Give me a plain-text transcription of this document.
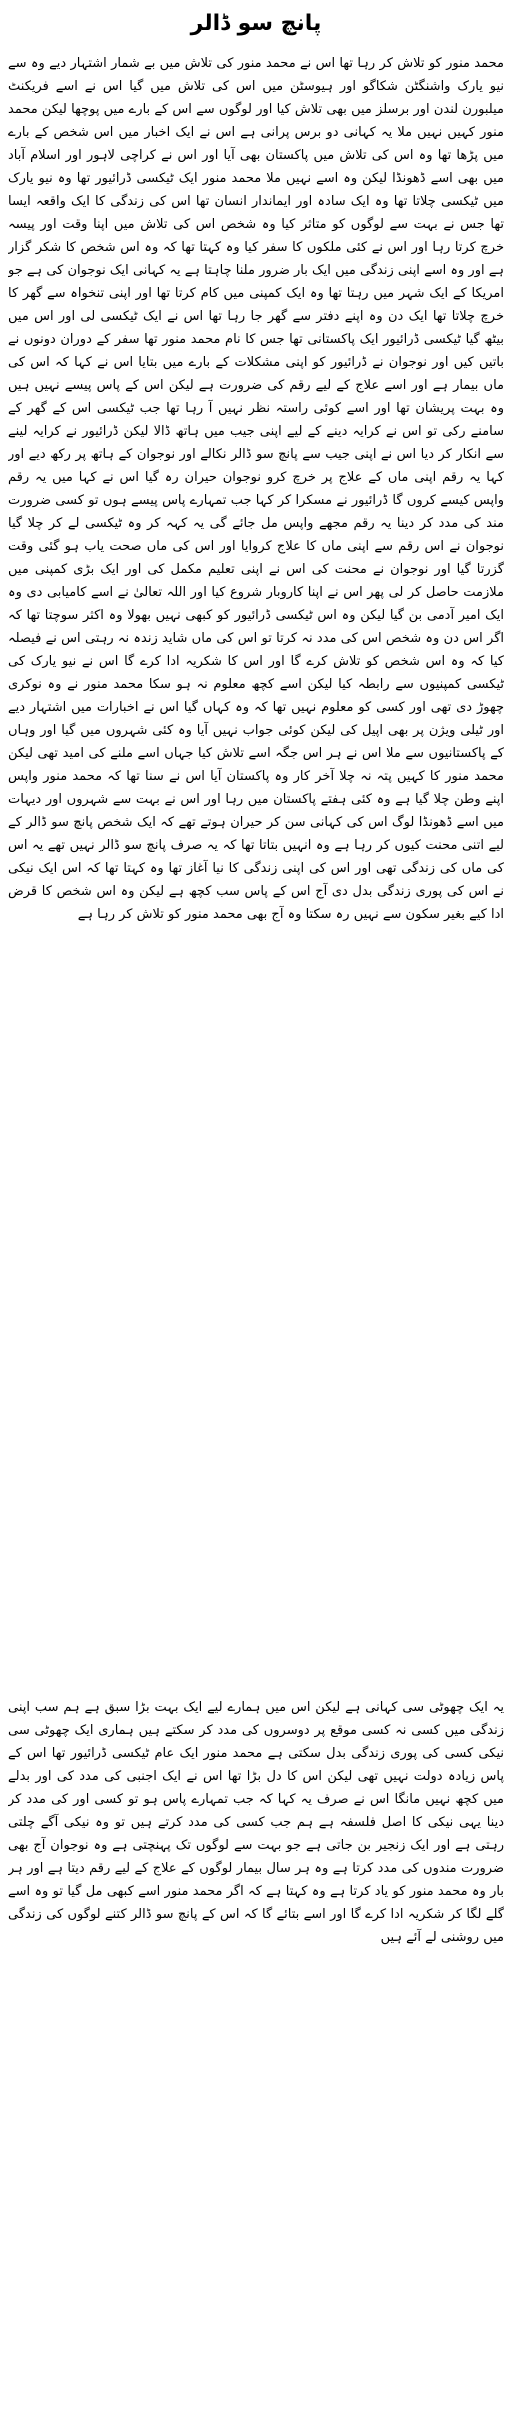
پانچ سو ڈالر

محمد منور کو تلاش کر رہا تھا اس نے محمد منور کی تلاش میں بے شمار اشتہار دیے وہ سے نیو یارک واشنگٹن شکاگو اور ہیوسٹن میں اس کی تلاش میں گیا اس نے اسے فریکنٹ میلبورن لندن اور برسلز میں بھی تلاش کیا اور لوگوں سے اس کے بارے میں پوچھا لیکن محمد منور کہیں نہیں ملا یہ کہانی دو برس پرانی ہے اس نے ایک اخبار میں اس شخص کے بارے میں پڑھا تھا وہ اس کی تلاش میں پاکستان بھی آیا اور اس نے کراچی لاہور اور اسلام آباد میں بھی اسے ڈھونڈا لیکن وہ اسے نہیں ملا محمد منور ایک ٹیکسی ڈرائیور تھا وہ نیو یارک میں ٹیکسی چلاتا تھا وہ ایک سادہ اور ایماندار انسان تھا اس کی زندگی کا ایک واقعہ ایسا تھا جس نے بہت سے لوگوں کو متاثر کیا وہ شخص اس کی تلاش میں اپنا وقت اور پیسہ خرچ کرتا رہا اور اس نے کئی ملکوں کا سفر کیا وہ کہتا تھا کہ وہ اس شخص کا شکر گزار ہے اور وہ اسے اپنی زندگی میں ایک بار ضرور ملنا چاہتا ہے یہ کہانی ایک نوجوان کی ہے جو امریکا کے ایک شہر میں رہتا تھا وہ ایک کمپنی میں کام کرتا تھا اور اپنی تنخواہ سے گھر کا خرچ چلاتا تھا ایک دن وہ اپنے دفتر سے گھر جا رہا تھا اس نے ایک ٹیکسی لی اور اس میں بیٹھ گیا ٹیکسی ڈرائیور ایک پاکستانی تھا جس کا نام محمد منور تھا سفر کے دوران دونوں نے باتیں کیں اور نوجوان نے ڈرائیور کو اپنی مشکلات کے بارے میں بتایا اس نے کہا کہ اس کی ماں بیمار ہے اور اسے علاج کے لیے رقم کی ضرورت ہے لیکن اس کے پاس پیسے نہیں ہیں وہ بہت پریشان تھا اور اسے کوئی راستہ نظر نہیں آ رہا تھا جب ٹیکسی اس کے گھر کے سامنے رکی تو اس نے کرایہ دینے کے لیے اپنی جیب میں ہاتھ ڈالا لیکن ڈرائیور نے کرایہ لینے سے انکار کر دیا اس نے اپنی جیب سے پانچ سو ڈالر نکالے اور نوجوان کے ہاتھ پر رکھ دیے اور کہا یہ رقم اپنی ماں کے علاج پر خرچ کرو نوجوان حیران رہ گیا اس نے کہا میں یہ رقم واپس کیسے کروں گا ڈرائیور نے مسکرا کر کہا جب تمہارے پاس پیسے ہوں تو کسی ضرورت مند کی مدد کر دینا یہ رقم مجھے واپس مل جائے گی یہ کہہ کر وہ ٹیکسی لے کر چلا گیا نوجوان نے اس رقم سے اپنی ماں کا علاج کروایا اور اس کی ماں صحت یاب ہو گئی وقت گزرتا گیا اور نوجوان نے محنت کی اس نے اپنی تعلیم مکمل کی اور ایک بڑی کمپنی میں ملازمت حاصل کر لی پھر اس نے اپنا کاروبار شروع کیا اور اللہ تعالیٰ نے اسے کامیابی دی وہ ایک امیر آدمی بن گیا لیکن وہ اس ٹیکسی ڈرائیور کو کبھی نہیں بھولا وہ اکثر سوچتا تھا کہ اگر اس دن وہ شخص اس کی مدد نہ کرتا تو اس کی ماں شاید زندہ نہ رہتی اس نے فیصلہ کیا کہ وہ اس شخص کو تلاش کرے گا اور اس کا شکریہ ادا کرے گا اس نے نیو یارک کی ٹیکسی کمپنیوں سے رابطہ کیا لیکن اسے کچھ معلوم نہ ہو سکا محمد منور نے وہ نوکری چھوڑ دی تھی اور کسی کو معلوم نہیں تھا کہ وہ کہاں گیا اس نے اخبارات میں اشتہار دیے اور ٹیلی ویژن پر بھی اپیل کی لیکن کوئی جواب نہیں آیا وہ کئی شہروں میں گیا اور وہاں کے پاکستانیوں سے ملا اس نے ہر اس جگہ اسے تلاش کیا جہاں اسے ملنے کی امید تھی لیکن محمد منور کا کہیں پتہ نہ چلا آخر کار وہ پاکستان آیا اس نے سنا تھا کہ محمد منور واپس اپنے وطن چلا گیا ہے وہ کئی ہفتے پاکستان میں رہا اور اس نے بہت سے شہروں اور دیہات میں اسے ڈھونڈا لوگ اس کی کہانی سن کر حیران ہوتے تھے کہ ایک شخص پانچ سو ڈالر کے لیے اتنی محنت کیوں کر رہا ہے وہ انہیں بتاتا تھا کہ یہ صرف پانچ سو ڈالر نہیں تھے یہ اس کی ماں کی زندگی تھی اور اس کی اپنی زندگی کا نیا آغاز تھا وہ کہتا تھا کہ اس ایک نیکی نے اس کی پوری زندگی بدل دی آج اس کے پاس سب کچھ ہے لیکن وہ اس شخص کا قرض ادا کیے بغیر سکون سے نہیں رہ سکتا وہ آج بھی محمد منور کو تلاش کر رہا ہے

یہ ایک چھوٹی سی کہانی ہے لیکن اس میں ہمارے لیے ایک بہت بڑا سبق ہے ہم سب اپنی زندگی میں کسی نہ کسی موقع پر دوسروں کی مدد کر سکتے ہیں ہماری ایک چھوٹی سی نیکی کسی کی پوری زندگی بدل سکتی ہے محمد منور ایک عام ٹیکسی ڈرائیور تھا اس کے پاس زیادہ دولت نہیں تھی لیکن اس کا دل بڑا تھا اس نے ایک اجنبی کی مدد کی اور بدلے میں کچھ نہیں مانگا اس نے صرف یہ کہا کہ جب تمہارے پاس ہو تو کسی اور کی مدد کر دینا یہی نیکی کا اصل فلسفہ ہے ہم جب کسی کی مدد کرتے ہیں تو وہ نیکی آگے چلتی رہتی ہے اور ایک زنجیر بن جاتی ہے جو بہت سے لوگوں تک پہنچتی ہے وہ نوجوان آج بھی ضرورت مندوں کی مدد کرتا ہے وہ ہر سال بیمار لوگوں کے علاج کے لیے رقم دیتا ہے اور ہر بار وہ محمد منور کو یاد کرتا ہے وہ کہتا ہے کہ اگر محمد منور اسے کبھی مل گیا تو وہ اسے گلے لگا کر شکریہ ادا کرے گا اور اسے بتائے گا کہ اس کے پانچ سو ڈالر کتنے لوگوں کی زندگی میں روشنی لے آئے ہیں
